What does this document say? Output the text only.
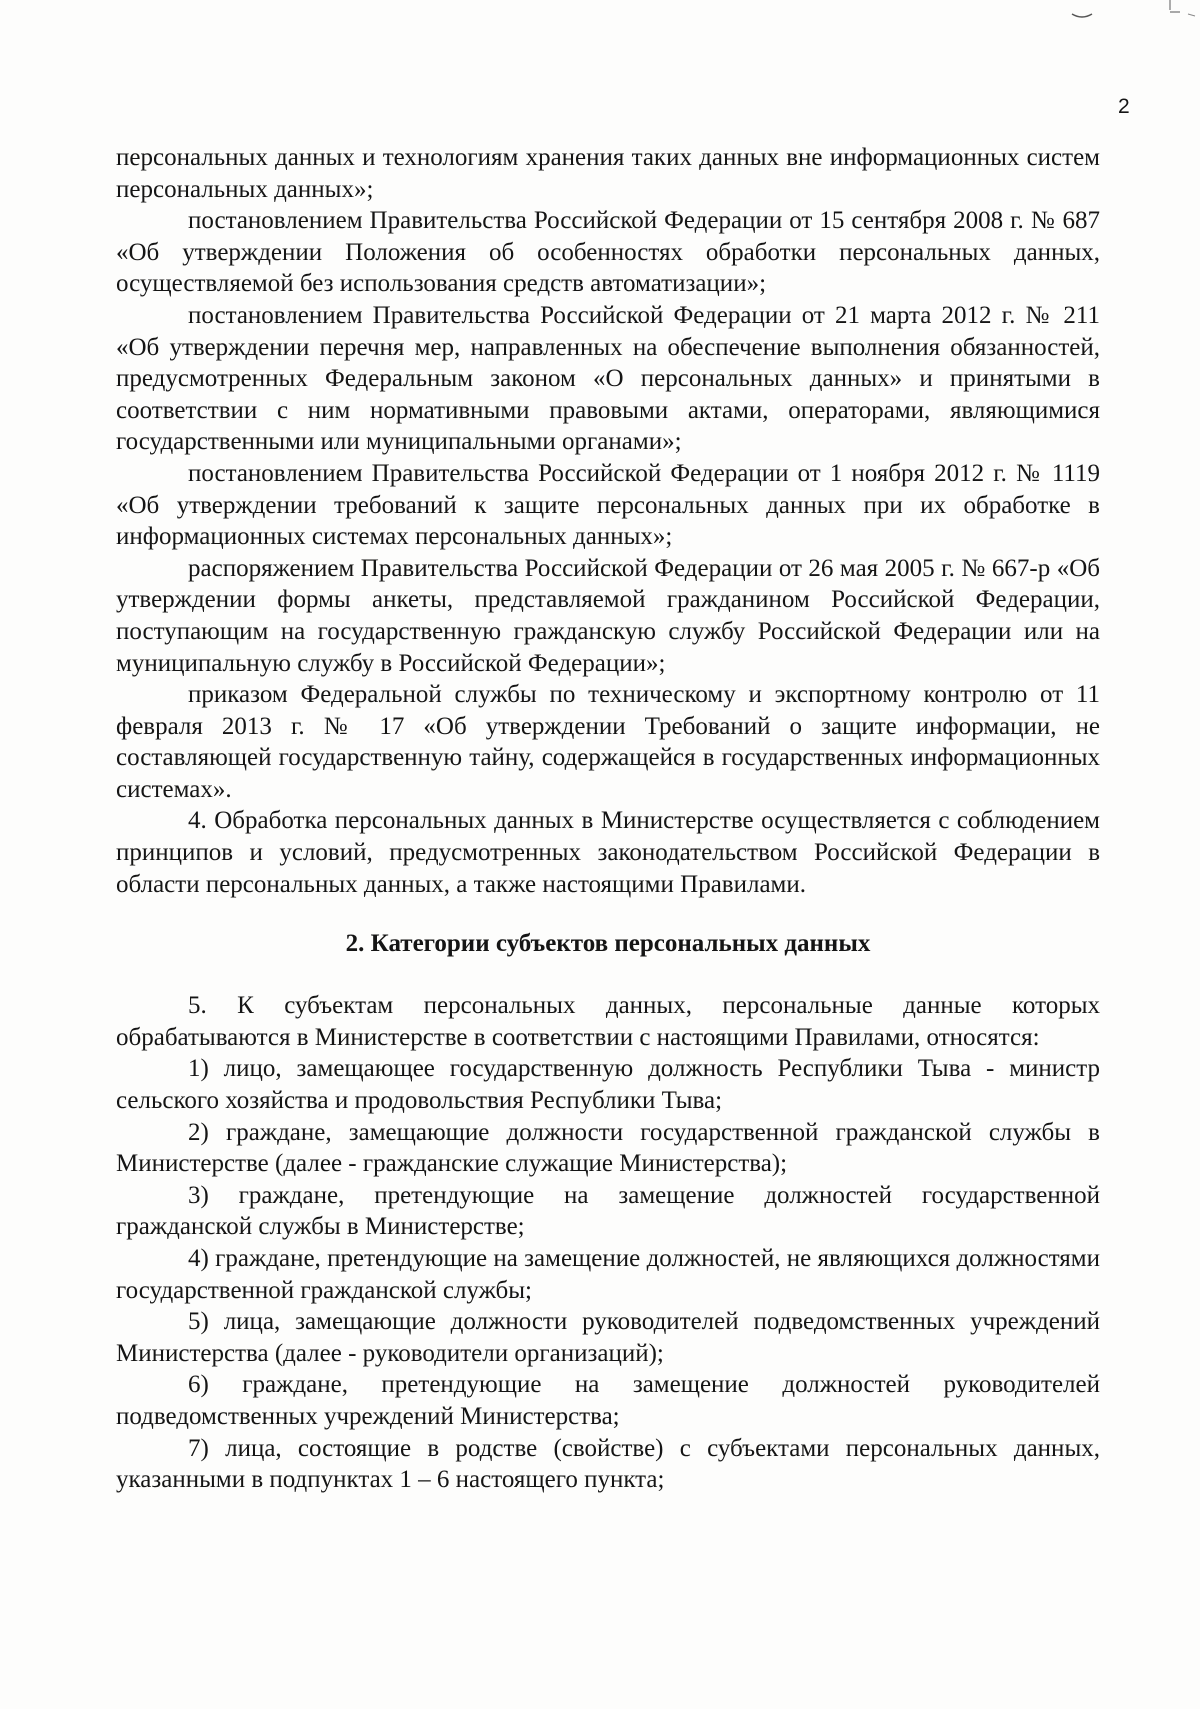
2

персональных данных и технологиям хранения таких данных вне информационных систем персональных данных»;

постановлением Правительства Российской Федерации от 15 сентября 2008 г. № 687 «Об утверждении Положения об особенностях обработки персональных данных, осуществляемой без использования средств автоматизации»;

постановлением Правительства Российской Федерации от 21 марта 2012 г. № 211 «Об утверждении перечня мер, направленных на обеспечение выполнения обязанностей, предусмотренных Федеральным законом «О персональных данных» и принятыми в соответствии с ним нормативными правовыми актами, операторами, являющимися государственными или муниципальными органами»;

постановлением Правительства Российской Федерации от 1 ноября 2012 г. № 1119 «Об утверждении требований к защите персональных данных при их обработке в информационных системах персональных данных»;

распоряжением Правительства Российской Федерации от 26 мая 2005 г. № 667-р «Об утверждении формы анкеты, представляемой гражданином Российской Федерации, поступающим на государственную гражданскую службу Российской Федерации или на муниципальную службу в Российской Федерации»;

приказом Федеральной службы по техническому и экспортному контролю от 11 февраля 2013 г. № 17 «Об утверждении Требований о защите информации, не составляющей государственную тайну, содержащейся в государственных информационных системах».

4. Обработка персональных данных в Министерстве осуществляется с соблюдением принципов и условий, предусмотренных законодательством Российской Федерации в области персональных данных, а также настоящими Правилами.

2. Категории субъектов персональных данных

5. К субъектам персональных данных, персональные данные которых обрабатываются в Министерстве в соответствии с настоящими Правилами, относятся:

1) лицо, замещающее государственную должность Республики Тыва - министр сельского хозяйства и продовольствия Республики Тыва;

2) граждане, замещающие должности государственной гражданской службы в Министерстве (далее - гражданские служащие Министерства);

3) граждане, претендующие на замещение должностей государственной гражданской службы в Министерстве;

4) граждане, претендующие на замещение должностей, не являющихся должностями государственной гражданской службы;

5) лица, замещающие должности руководителей подведомственных учреждений Министерства (далее - руководители организаций);

6) граждане, претендующие на замещение должностей руководителей подведомственных учреждений Министерства;

7) лица, состоящие в родстве (свойстве) с субъектами персональных данных, указанными в подпунктах 1 – 6 настоящего пункта;
